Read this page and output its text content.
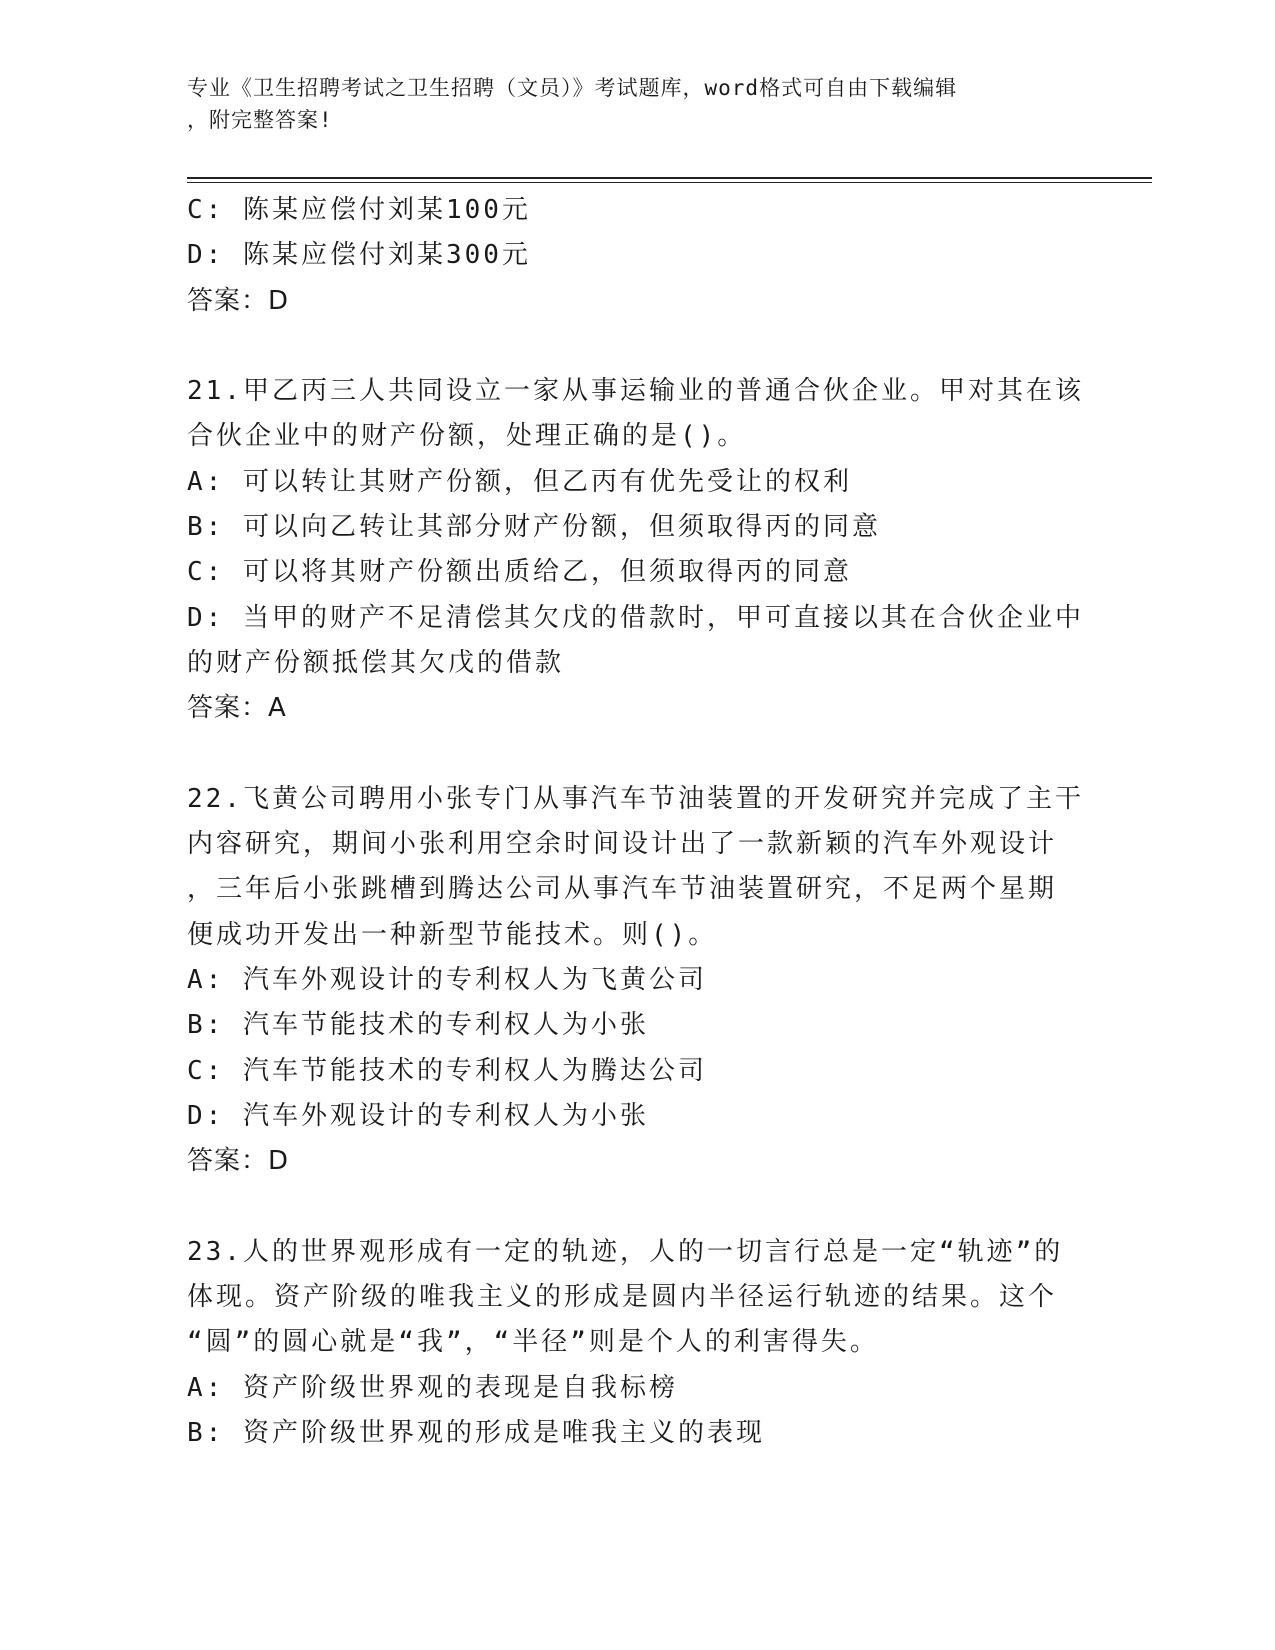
专业《卫生招聘考试之卫生招聘（文员）》考试题库，word格式可自由下载编辑
，附完整答案!
C: 陈某应偿付刘某100元
D: 陈某应偿付刘某300元
答案：D
21.甲乙丙三人共同设立一家从事运输业的普通合伙企业。甲对其在该
合伙企业中的财产份额，处理正确的是()。
A: 可以转让其财产份额，但乙丙有优先受让的权利
B: 可以向乙转让其部分财产份额，但须取得丙的同意
C: 可以将其财产份额出质给乙，但须取得丙的同意
D: 当甲的财产不足清偿其欠戊的借款时，甲可直接以其在合伙企业中
的财产份额抵偿其欠戊的借款
答案：A
22.飞黄公司聘用小张专门从事汽车节油装置的开发研究并完成了主干
内容研究，期间小张利用空余时间设计出了一款新颖的汽车外观设计
，三年后小张跳槽到腾达公司从事汽车节油装置研究，不足两个星期
便成功开发出一种新型节能技术。则()。
A: 汽车外观设计的专利权人为飞黄公司
B: 汽车节能技术的专利权人为小张
C: 汽车节能技术的专利权人为腾达公司
D: 汽车外观设计的专利权人为小张
答案：D
23.人的世界观形成有一定的轨迹，人的一切言行总是一定“轨迹”的
体现。资产阶级的唯我主义的形成是圆内半径运行轨迹的结果。这个
“圆”的圆心就是“我”，“半径”则是个人的利害得失。
A: 资产阶级世界观的表现是自我标榜
B: 资产阶级世界观的形成是唯我主义的表现
